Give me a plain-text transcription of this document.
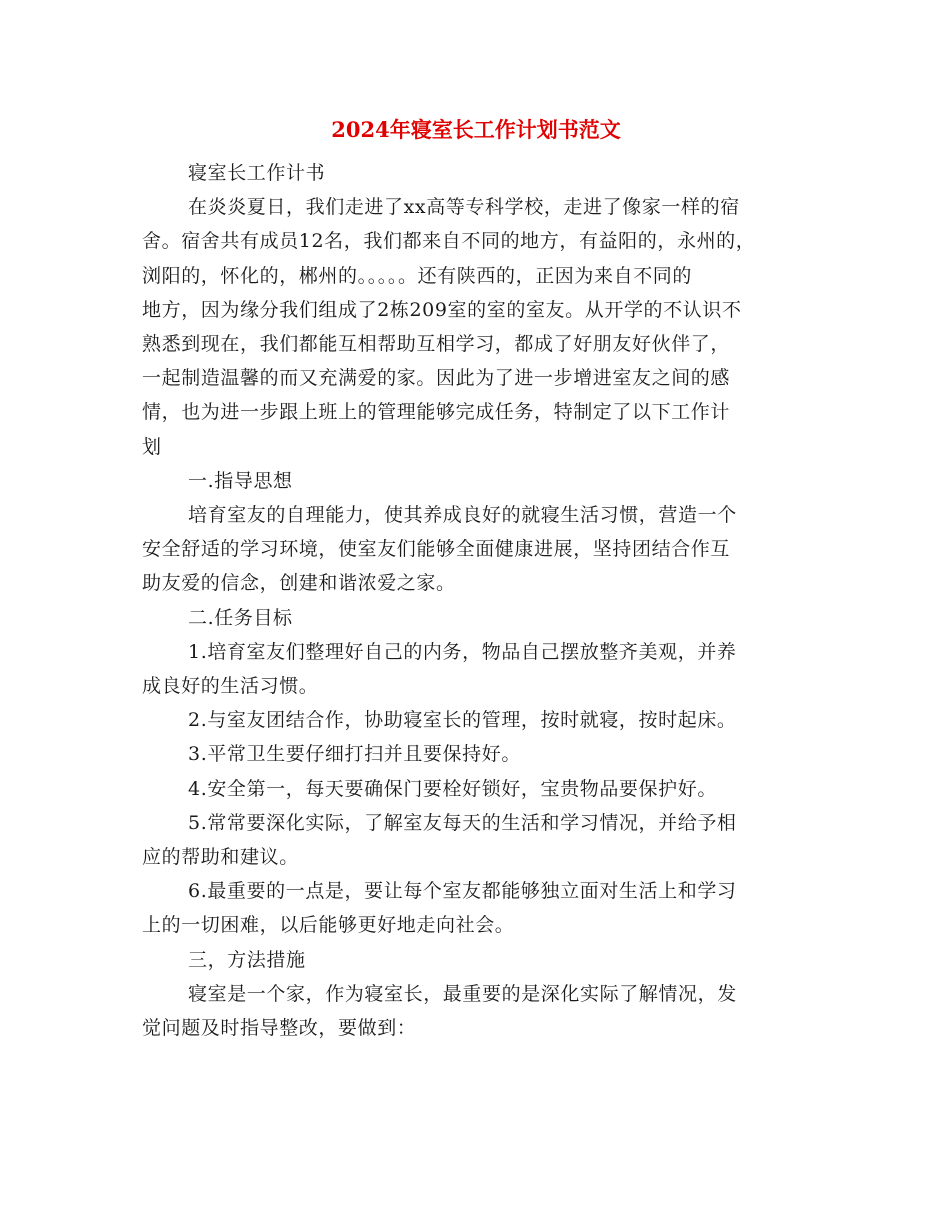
2024年寝室长工作计划书范文

寝室长工作计书

在炎炎夏日，我们走进了xx高等专科学校，走进了像家一样的宿
舍。宿舍共有成员12名，我们都来自不同的地方，有益阳的，永州的，
浏阳的，怀化的，郴州的。。。。。还有陕西的，正因为来自不同的
地方，因为缘分我们组成了2栋209室的室的室友。从开学的不认识不
熟悉到现在，我们都能互相帮助互相学习，都成了好朋友好伙伴了，
一起制造温馨的而又充满爱的家。因此为了进一步增进室友之间的感
情，也为进一步跟上班上的管理能够完成任务，特制定了以下工作计
划

一.指导思想

培育室友的自理能力，使其养成良好的就寝生活习惯，营造一个
安全舒适的学习环境，使室友们能够全面健康进展，坚持团结合作互
助友爱的信念，创建和谐浓爱之家。

二.任务目标

1.培育室友们整理好自己的内务，物品自己摆放整齐美观，并养
成良好的生活习惯。

2.与室友团结合作，协助寝室长的管理，按时就寝，按时起床。

3.平常卫生要仔细打扫并且要保持好。

4.安全第一，每天要确保门要栓好锁好，宝贵物品要保护好。

5.常常要深化实际，了解室友每天的生活和学习情况，并给予相
应的帮助和建议。

6.最重要的一点是，要让每个室友都能够独立面对生活上和学习
上的一切困难，以后能够更好地走向社会。

三，方法措施

寝室是一个家，作为寝室长，最重要的是深化实际了解情况，发
觉问题及时指导整改，要做到：
